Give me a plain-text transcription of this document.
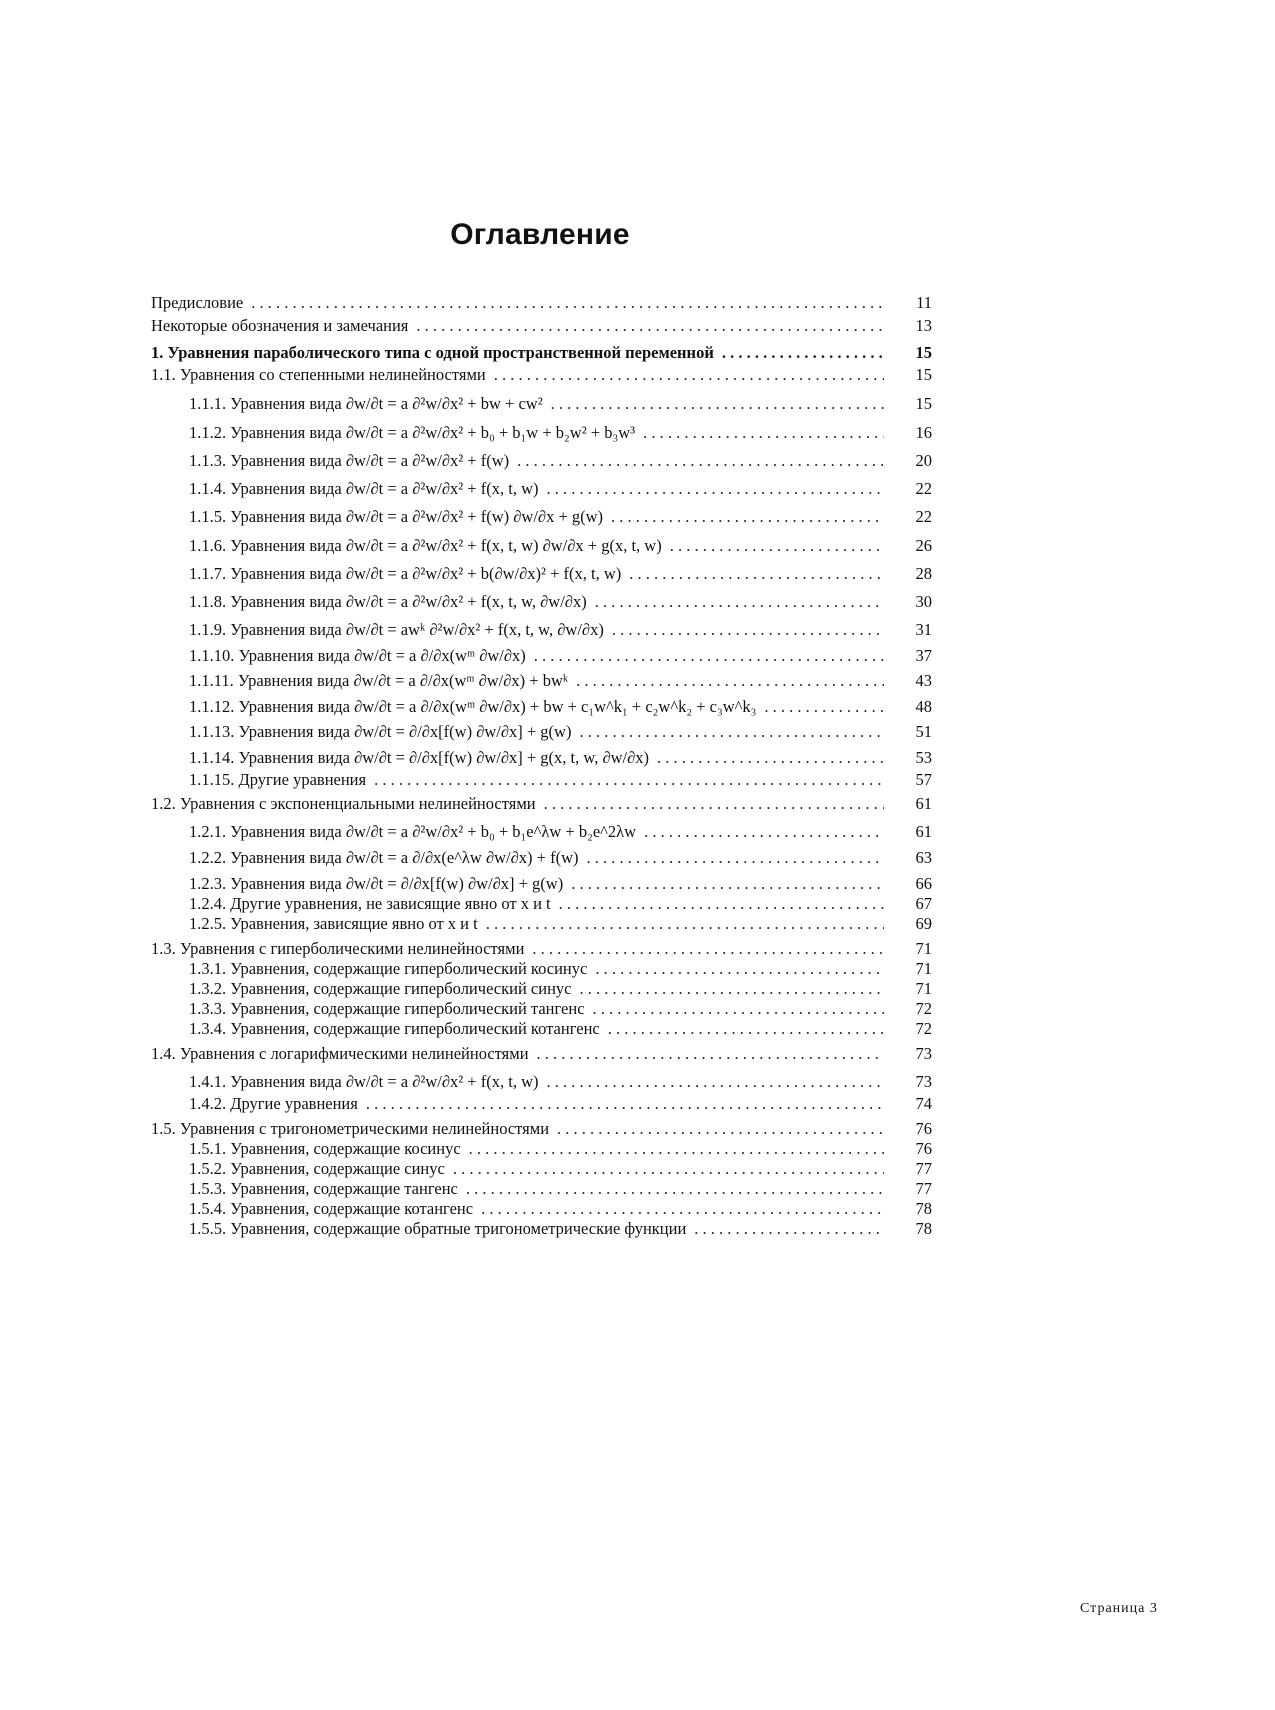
Оглавление
Предисловие . . .	11
Некоторые обозначения и замечания . . .	13
1. Уравнения параболического типа с одной пространственной переменной . . .	15
1.1. Уравнения со степенными нелинейностями . . .	15
1.1.1. Уравнения вида ∂w/∂t = a ∂²w/∂x² + bw + cw² . . .	15
1.1.2. Уравнения вида ∂w/∂t = a ∂²w/∂x² + b₀ + b₁w + b₂w² + b₃w³ . . .	16
1.1.3. Уравнения вида ∂w/∂t = a ∂²w/∂x² + f(w) . . .	20
1.1.4. Уравнения вида ∂w/∂t = a ∂²w/∂x² + f(x, t, w) . . .	22
1.1.5. Уравнения вида ∂w/∂t = a ∂²w/∂x² + f(w) ∂w/∂x + g(w) . . .	22
1.1.6. Уравнения вида ∂w/∂t = a ∂²w/∂x² + f(x, t, w) ∂w/∂x + g(x, t, w) . . .	26
1.1.7. Уравнения вида ∂w/∂t = a ∂²w/∂x² + b(∂w/∂x)² + f(x, t, w) . . .	28
1.1.8. Уравнения вида ∂w/∂t = a ∂²w/∂x² + f(x, t, w, ∂w/∂x) . . .	30
1.1.9. Уравнения вида ∂w/∂t = awᵏ ∂²w/∂x² + f(x, t, w, ∂w/∂x) . . .	31
1.1.10. Уравнения вида ∂w/∂t = a ∂/∂x(wᵐ ∂w/∂x) . . .	37
1.1.11. Уравнения вида ∂w/∂t = a ∂/∂x(wᵐ ∂w/∂x) + bwᵏ . . .	43
1.1.12. Уравнения вида ∂w/∂t = a ∂/∂x(wᵐ ∂w/∂x) + bw + c₁w^k₁ + c₂w^k₂ + c₃w^k₃ . . .	48
1.1.13. Уравнения вида ∂w/∂t = ∂/∂x[f(w) ∂w/∂x] + g(w) . . .	51
1.1.14. Уравнения вида ∂w/∂t = ∂/∂x[f(w) ∂w/∂x] + g(x, t, w, ∂w/∂x) . . .	53
1.1.15. Другие уравнения . . .	57
1.2. Уравнения с экспоненциальными нелинейностями . . .	61
1.2.1. Уравнения вида ∂w/∂t = a ∂²w/∂x² + b₀ + b₁e^λw + b₂e^2λw . . .	61
1.2.2. Уравнения вида ∂w/∂t = a ∂/∂x(e^λw ∂w/∂x) + f(w) . . .	63
1.2.3. Уравнения вида ∂w/∂t = ∂/∂x[f(w) ∂w/∂x] + g(w) . . .	66
1.2.4. Другие уравнения, не зависящие явно от x и t . . .	67
1.2.5. Уравнения, зависящие явно от x и t . . .	69
1.3. Уравнения с гиперболическими нелинейностями . . .	71
1.3.1. Уравнения, содержащие гиперболический косинус . . .	71
1.3.2. Уравнения, содержащие гиперболический синус . . .	71
1.3.3. Уравнения, содержащие гиперболический тангенс . . .	72
1.3.4. Уравнения, содержащие гиперболический котангенс . . .	72
1.4. Уравнения с логарифмическими нелинейностями . . .	73
1.4.1. Уравнения вида ∂w/∂t = a ∂²w/∂x² + f(x, t, w) . . .	73
1.4.2. Другие уравнения . . .	74
1.5. Уравнения с тригонометрическими нелинейностями . . .	76
1.5.1. Уравнения, содержащие косинус . . .	76
1.5.2. Уравнения, содержащие синус . . .	77
1.5.3. Уравнения, содержащие тангенс . . .	77
1.5.4. Уравнения, содержащие котангенс . . .	78
1.5.5. Уравнения, содержащие обратные тригонометрические функции . . .	78
Страница 3
